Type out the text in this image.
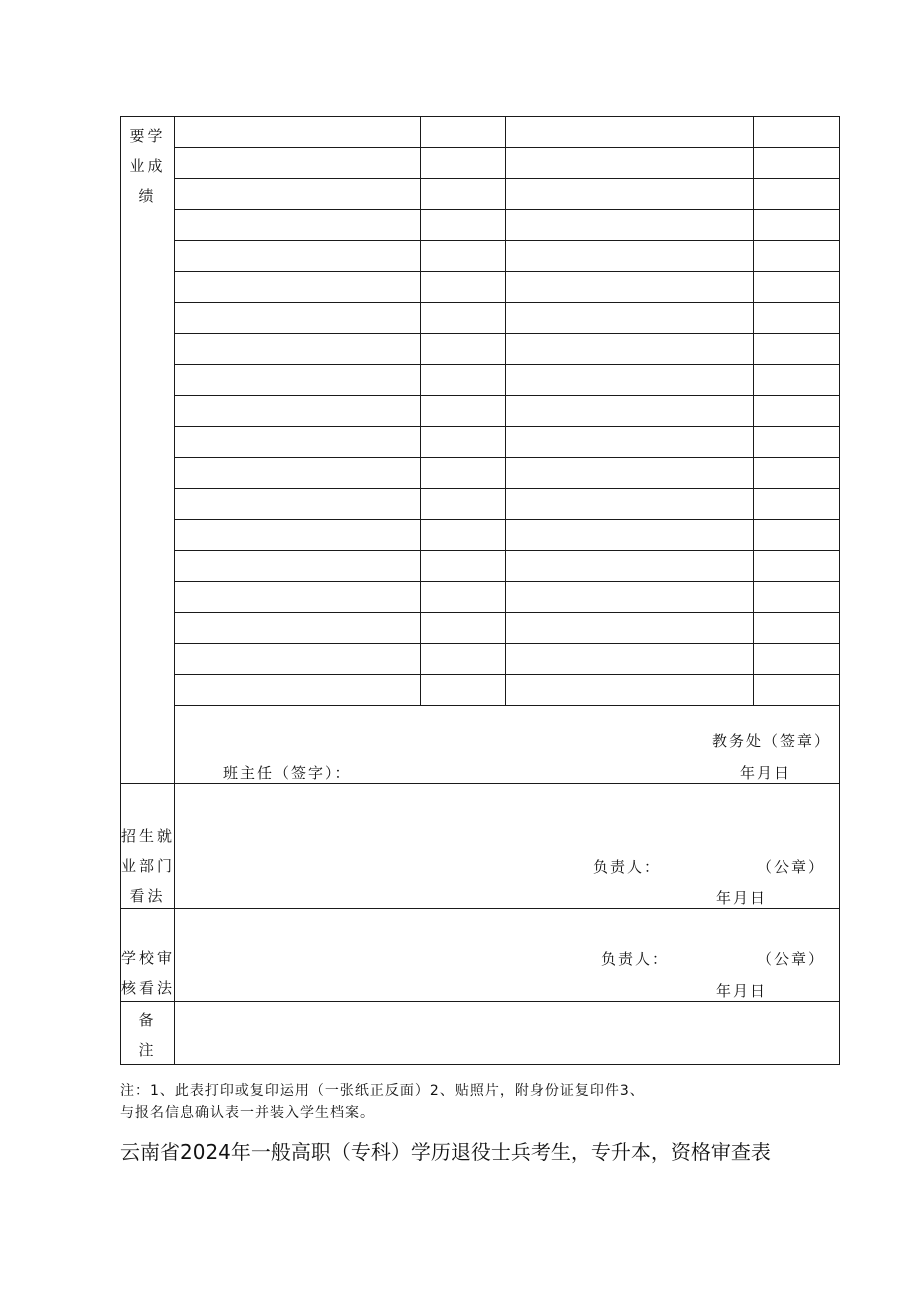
要学
业成
绩				

	教务处（签章）
班主任（签字）： 年月日			

招生就
业部门
看法	负责人： （公章）
年月日			

学校审
核看法	负责人： （公章）
年月日			

备
注				

注：1、此表打印或复印运用（一张纸正反面）2、贴照片，附身份证复印件3、
与报名信息确认表一并装入学生档案。
云南省2024年一般高职（专科）学历退役士兵考生，专升本，资格审查表
